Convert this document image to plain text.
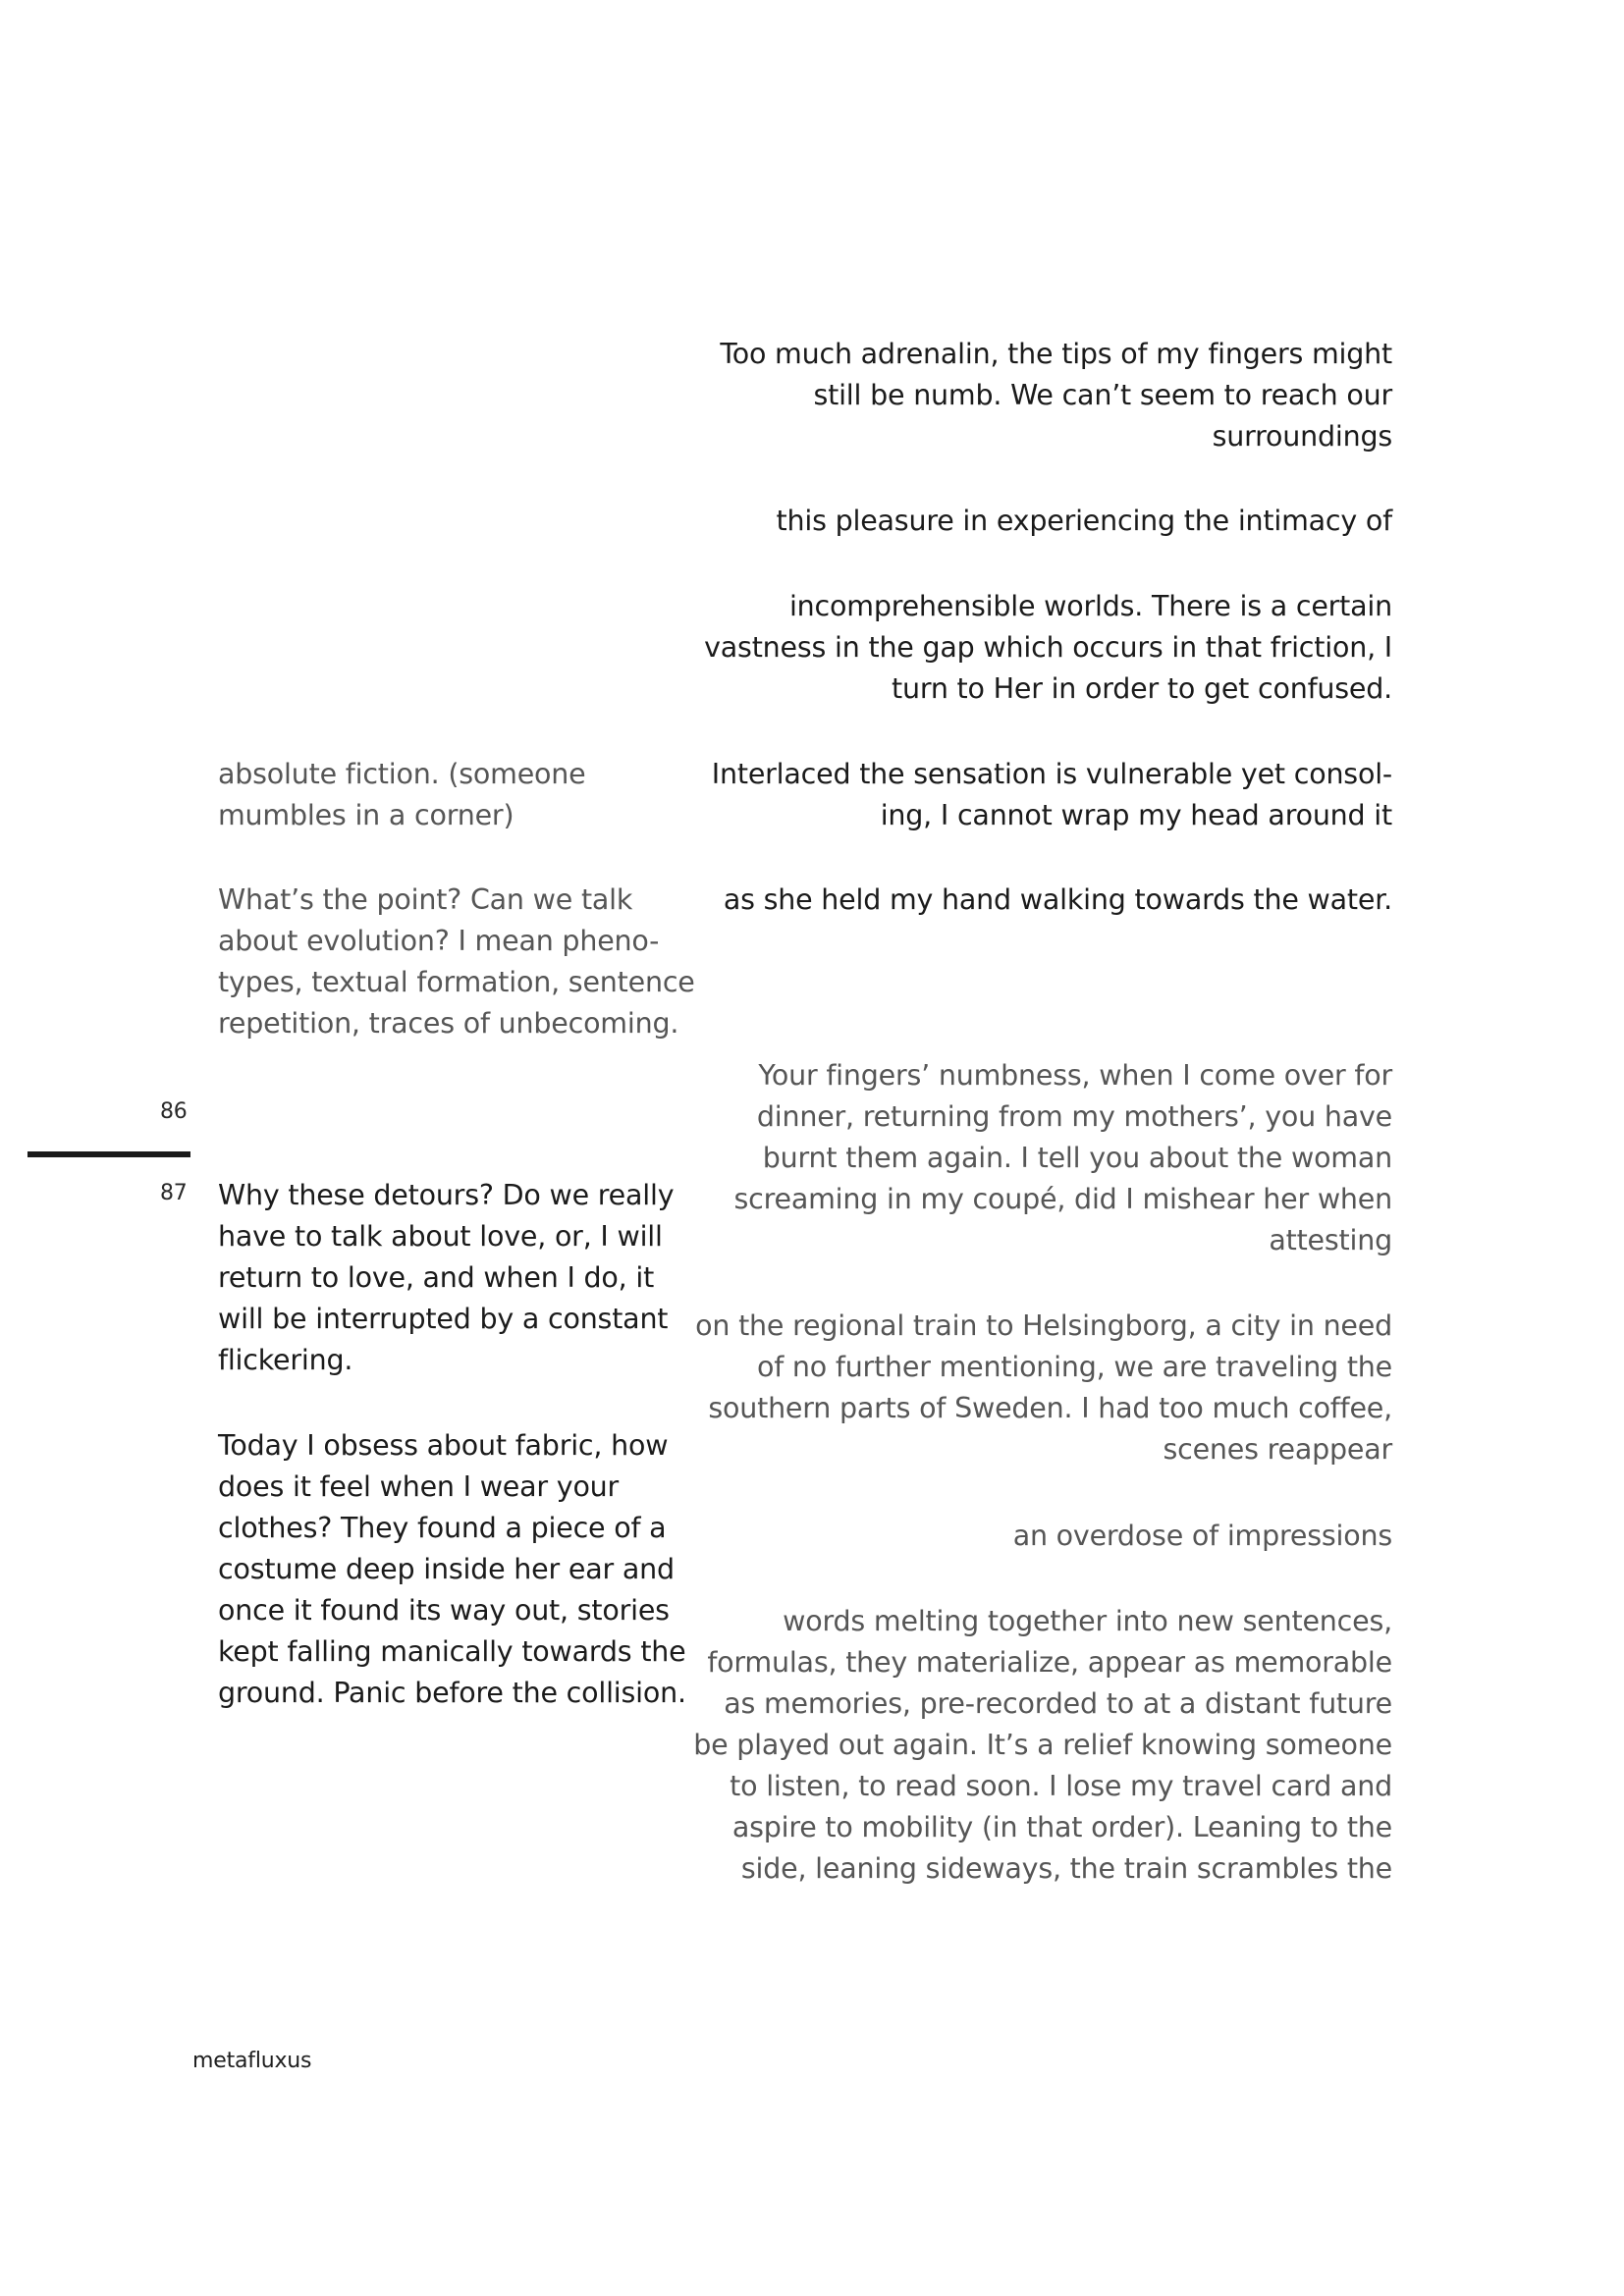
Too much adrenalin, the tips of my fingers might
still be numb. We can’t seem to reach our
surroundings
this pleasure in experiencing the intimacy of
incomprehensible worlds. There is a certain
vastness in the gap which occurs in that friction, I
turn to Her in order to get confused.
Interlaced the sensation is vulnerable yet consol-
ing, I cannot wrap my head around it
as she held my hand walking towards the water.
Your fingers’ numbness, when I come over for
dinner, returning from my mothers’, you have
burnt them again. I tell you about the woman
screaming in my coupé, did I mishear her when
attesting
on the regional train to Helsingborg, a city in need
of no further mentioning, we are traveling the
southern parts of Sweden. I had too much coffee,
scenes reappear
an overdose of impressions
words melting together into new sentences,
formulas, they materialize, appear as memorable
as memories, pre-recorded to at a distant future
be played out again. It’s a relief knowing someone
to listen, to read soon. I lose my travel card and
aspire to mobility (in that order). Leaning to the
side, leaning sideways, the train scrambles the
absolute fiction. (someone
mumbles in a corner)
What’s the point? Can we talk
about evolution? I mean pheno-
types, textual formation, sentence
repetition, traces of unbecoming.
Why these detours? Do we really
have to talk about love, or, I will
return to love, and when I do, it
will be interrupted by a constant
flickering.
Today I obsess about fabric, how
does it feel when I wear your
clothes? They found a piece of a
costume deep inside her ear and
once it found its way out, stories
kept falling manically towards the
ground. Panic before the collision.
86
87
metafluxus
